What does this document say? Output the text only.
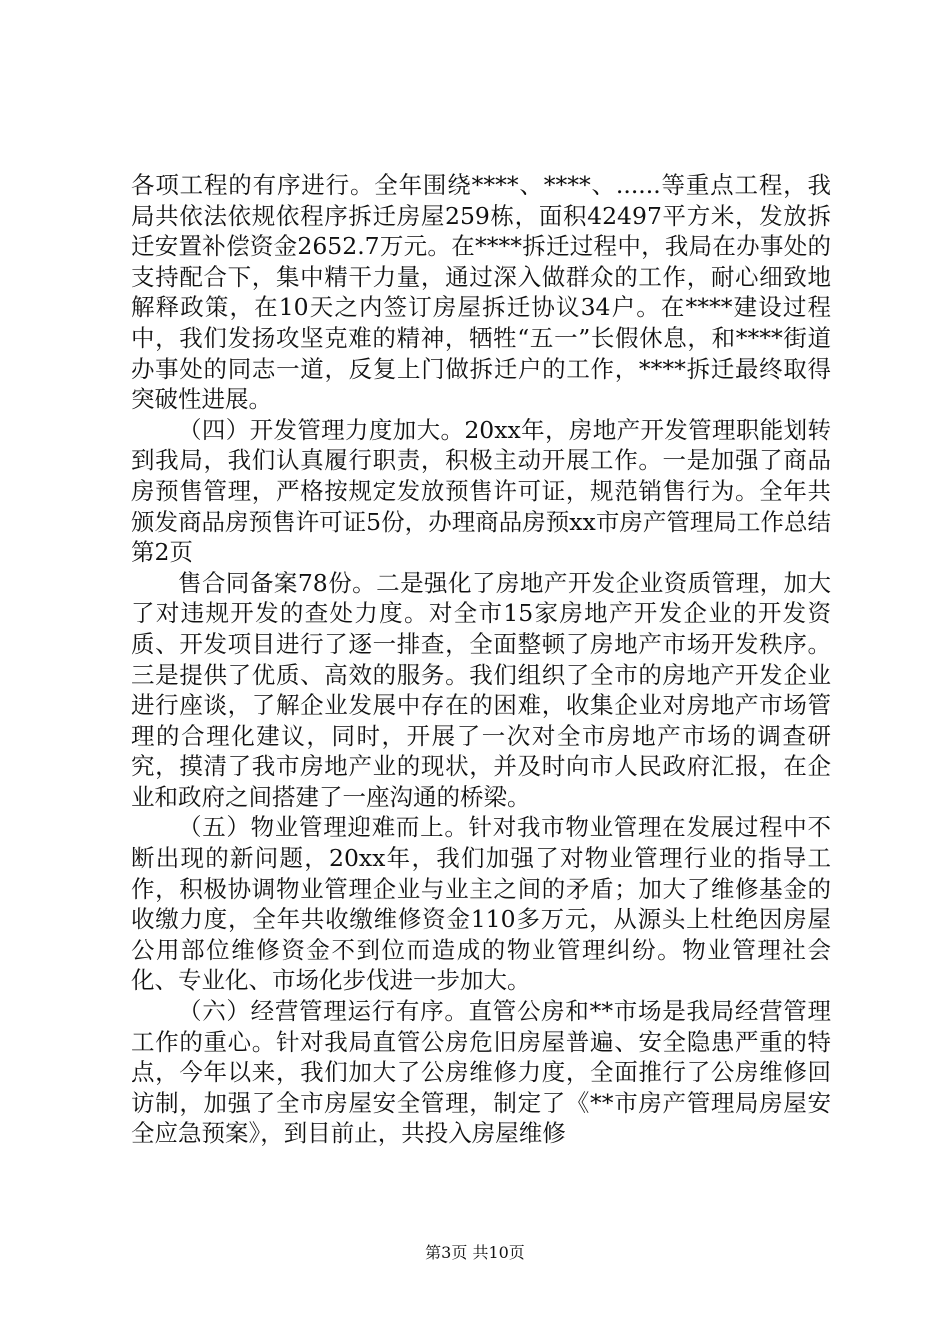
各项工程的有序进行。全年围绕****、****、......等重点工程，我局共依法依规依程序拆迁房屋259栋，面积42497平方米，发放拆迁安置补偿资金2652.7万元。在****拆迁过程中，我局在办事处的支持配合下，集中精干力量，通过深入做群众的工作，耐心细致地解释政策，在10天之内签订房屋拆迁协议34户。在****建设过程中，我们发扬攻坚克难的精神，牺牲“五一”长假休息，和****街道办事处的同志一道，反复上门做拆迁户的工作，****拆迁最终取得突破性进展。

（四）开发管理力度加大。20xx年，房地产开发管理职能划转到我局，我们认真履行职责，积极主动开展工作。一是加强了商品房预售管理，严格按规定发放预售许可证，规范销售行为。全年共颁发商品房预售许可证5份，办理商品房预xx市房产管理局工作总结第2页

售合同备案78份。二是强化了房地产开发企业资质管理，加大了对违规开发的查处力度。对全市15家房地产开发企业的开发资质、开发项目进行了逐一排查，全面整顿了房地产市场开发秩序。三是提供了优质、高效的服务。我们组织了全市的房地产开发企业进行座谈，了解企业发展中存在的困难，收集企业对房地产市场管理的合理化建议，同时，开展了一次对全市房地产市场的调查研究，摸清了我市房地产业的现状，并及时向市人民政府汇报，在企业和政府之间搭建了一座沟通的桥梁。

（五）物业管理迎难而上。针对我市物业管理在发展过程中不断出现的新问题，20xx年，我们加强了对物业管理行业的指导工作，积极协调物业管理企业与业主之间的矛盾；加大了维修基金的收缴力度，全年共收缴维修资金110多万元，从源头上杜绝因房屋公用部位维修资金不到位而造成的物业管理纠纷。物业管理社会化、专业化、市场化步伐进一步加大。

（六）经营管理运行有序。直管公房和**市场是我局经营管理工作的重心。针对我局直管公房危旧房屋普遍、安全隐患严重的特点，今年以来，我们加大了公房维修力度，全面推行了公房维修回访制，加强了全市房屋安全管理，制定了《**市房产管理局房屋安全应急预案》，到目前止，共投入房屋维修

第3页 共10页
